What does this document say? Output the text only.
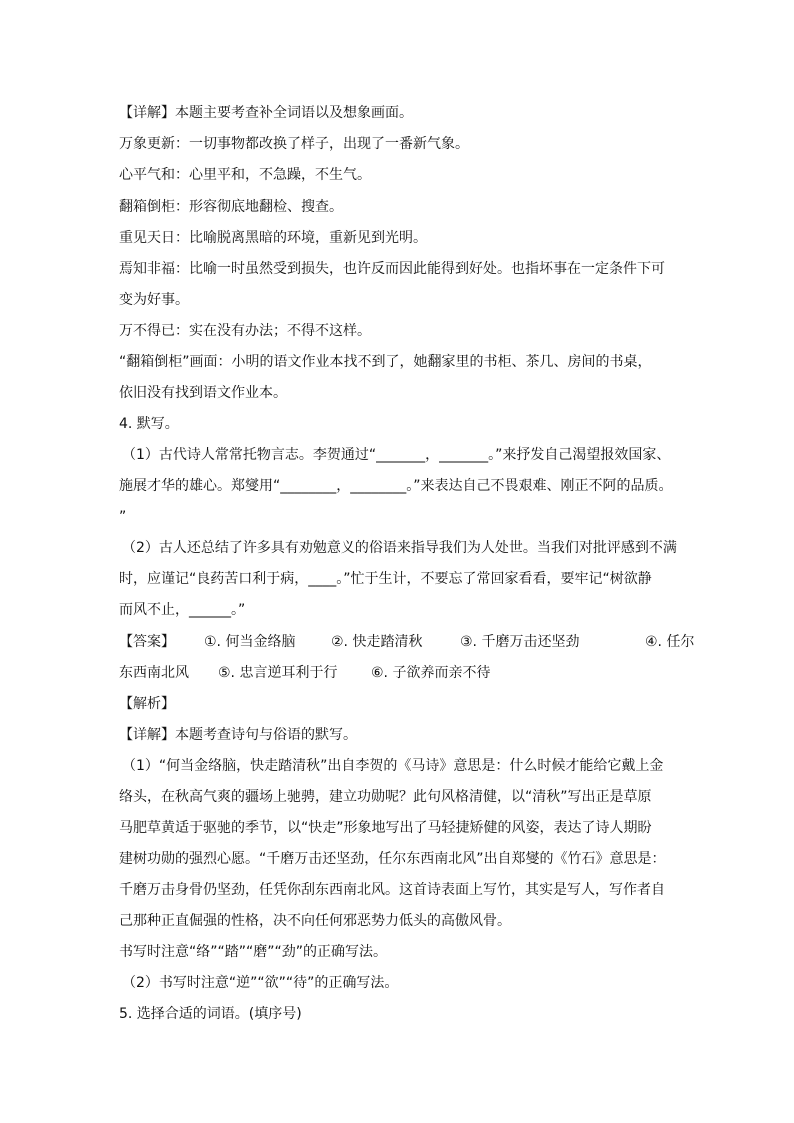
【详解】本题主要考查补全词语以及想象画面。
万象更新：一切事物都改换了样子，出现了一番新气象。
心平气和：心里平和，不急躁，不生气。
翻箱倒柜：形容彻底地翻检、搜查。
重见天日：比喻脱离黑暗的环境，重新见到光明。
焉知非福：比喻一时虽然受到损失，也许反而因此能得到好处。也指坏事在一定条件下可
变为好事。
万不得已：实在没有办法；不得不这样。
“翻箱倒柜”画面：小明的语文作业本找不到了，她翻家里的书柜、茶几、房间的书桌，
依旧没有找到语文作业本。
4. 默写。
（1）古代诗人常常托物言志。李贺通过“_______，_______。”来抒发自己渴望报效国家、
施展才华的雄心。郑燮用“________，________。”来表达自己不畏艰难、刚正不阿的品质。
”
（2）古人还总结了许多具有劝勉意义的俗语来指导我们为人处世。当我们对批评感到不满
时，应谨记“良药苦口利于病，____。”忙于生计，不要忘了常回家看看，要牢记“树欲静
而风不止，______。”
【答案】 ①. 何当金络脑	②. 快走踏清秋	③. 千磨万击还坚劲	④. 任尔
东西南北风 ⑤. 忠言逆耳利于行 ⑥. 子欲养而亲不待
【解析】
【详解】本题考查诗句与俗语的默写。
（1）“何当金络脑，快走踏清秋”出自李贺的《马诗》意思是：什么时候才能给它戴上金
络头，在秋高气爽的疆场上驰骋，建立功勋呢？此句风格清健，以“清秋”写出正是草原
马肥草黄适于驱驰的季节，以“快走”形象地写出了马轻捷矫健的风姿，表达了诗人期盼
建树功勋的强烈心愿。“千磨万击还坚劲，任尔东西南北风”出自郑燮的《竹石》意思是：
千磨万击身骨仍坚劲，任凭你刮东西南北风。这首诗表面上写竹，其实是写人，写作者自
己那种正直倔强的性格，决不向任何邪恶势力低头的高傲风骨。
书写时注意“络”“踏”“磨”“劲”的正确写法。
（2）书写时注意“逆”“欲”“待”的正确写法。
5. 选择合适的词语。(填序号)
